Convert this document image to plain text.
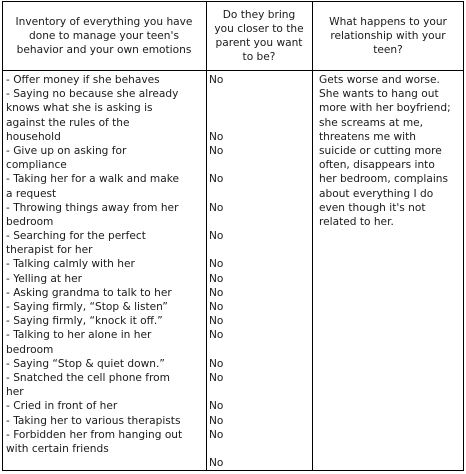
Inventory of everything you have
done to manage your teen's
behavior and your own emotions
Do they bring
you closer to the
parent you want
to be?
What happens to your
relationship with your
teen?
- Offer money if she behaves
- Saying no because she already
knows what she is asking is
against the rules of the
household
- Give up on asking for
compliance
- Taking her for a walk and make
a request
- Throwing things away from her
bedroom
- Searching for the perfect
therapist for her
- Talking calmly with her
- Yelling at her
- Asking grandma to talk to her
- Saying firmly, “Stop & listen”
- Saying firmly, “knock it off.”
- Talking to her alone in her
bedroom
- Saying “Stop & quiet down.”
- Snatched the cell phone from
her
- Cried in front of her
- Taking her to various therapists
- Forbidden her from hanging out
with certain friends
No
No
No
No
No
No
No
No
No
No
No
No
No
No
No
No
No
No
Gets worse and worse.
She wants to hang out
more with her boyfriend;
she screams at me,
threatens me with
suicide or cutting more
often, disappears into
her bedroom, complains
about everything I do
even though it's not
related to her.
